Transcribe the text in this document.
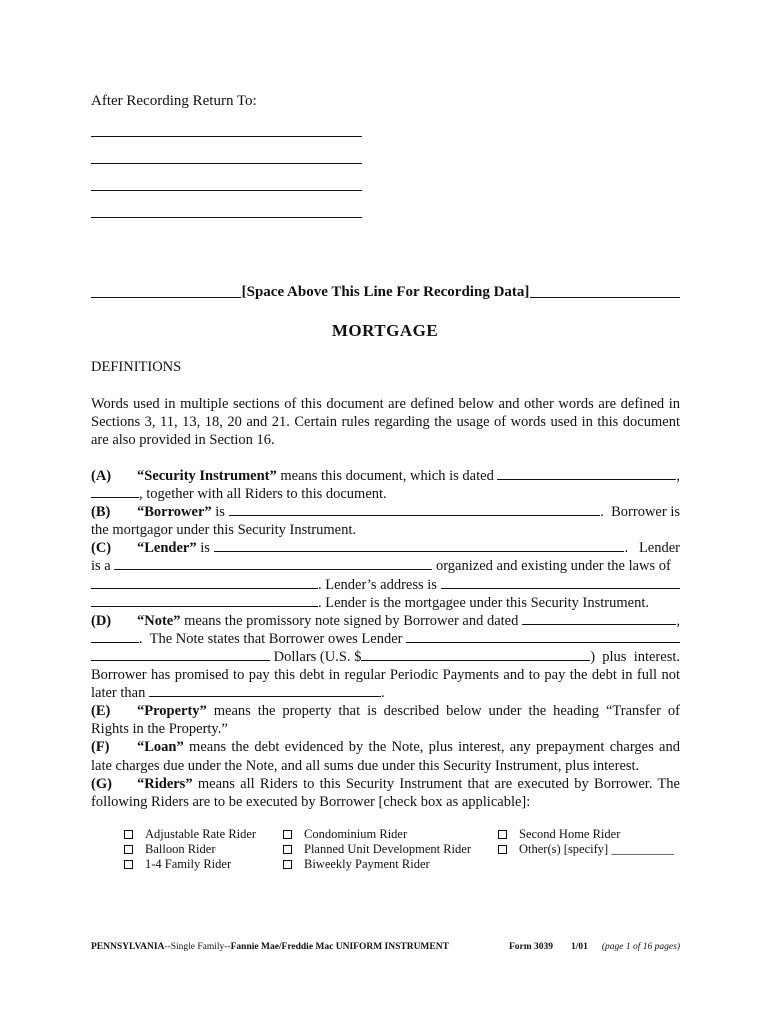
After Recording Return To:
[Space Above This Line For Recording Data]
MORTGAGE
DEFINITIONS
Words used in multiple sections of this document are defined below and other words are defined in Sections 3, 11, 13, 18, 20 and 21. Certain rules regarding the usage of words used in this document are also provided in Section 16.
(A)	“Security Instrument” means this document, which is dated	,
, together with all Riders to this document.
(B)	“Borrower” is	.  Borrower is
the mortgagor under this Security Instrument.
(C)	“Lender” is	.   Lender
is a	organized and existing under the laws of
. Lender’s address is
. Lender is the mortgagee under this Security Instrument.
(D)	“Note” means the promissory note signed by Borrower and dated	,
.  The Note states that Borrower owes Lender
Dollars (U.S. $	)  plus  interest.
Borrower has promised to pay this debt in regular Periodic Payments and to pay the debt in full not later than	.
(E) “Property” means the property that is described below under the heading “Transfer of Rights in the Property.”
(F) “Loan” means the debt evidenced by the Note, plus interest, any prepayment charges and late charges due under the Note, and all sums due under this Security Instrument, plus interest.
(G) “Riders” means all Riders to this Security Instrument that are executed by Borrower. The following Riders are to be executed by Borrower [check box as applicable]:
Adjustable Rate Rider
Balloon Rider
1-4 Family Rider
Condominium Rider
Planned Unit Development Rider
Biweekly Payment Rider
Second Home Rider
Other(s) [specify] __________
PENNSYLVANIA--Single Family--Fannie Mae/Freddie Mac UNIFORM INSTRUMENT	Form 3039 1/01 (page 1 of 16 pages)
